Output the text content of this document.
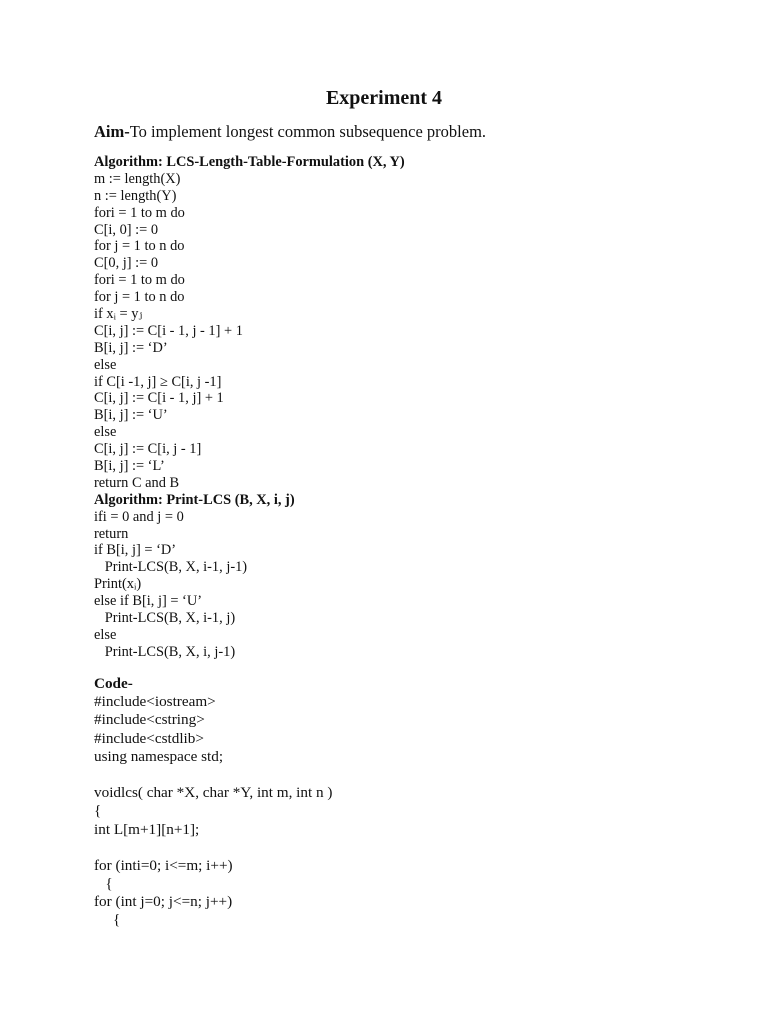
Experiment 4
Aim-To implement longest common subsequence problem.
Algorithm: LCS-Length-Table-Formulation (X, Y)
m := length(X)
n := length(Y)
fori = 1 to m do
C[i, 0] := 0
for j = 1 to n do
C[0, j] := 0
fori = 1 to m do
for j = 1 to n do
if xᵢ = yⱼ
C[i, j] := C[i - 1, j - 1] + 1
B[i, j] := ‘D’
else
if C[i -1, j] ≥ C[i, j -1]
C[i, j] := C[i - 1, j] + 1
B[i, j] := ‘U’
else
C[i, j] := C[i, j - 1]
B[i, j] := ‘L’
return C and B
Algorithm: Print-LCS (B, X, i, j)
ifi = 0 and j = 0
return
if B[i, j] = ‘D’
Print-LCS(B, X, i-1, j-1)
Print(xᵢ)
else if B[i, j] = ‘U’
Print-LCS(B, X, i-1, j)
else
Print-LCS(B, X, i, j-1)
Code-
#include<iostream>
#include<cstring>
#include<cstdlib>
using namespace std;
voidlcs( char *X, char *Y, int m, int n )
{
int L[m+1][n+1];
for (inti=0; i<=m; i++)
{
for (int j=0; j<=n; j++)
{
